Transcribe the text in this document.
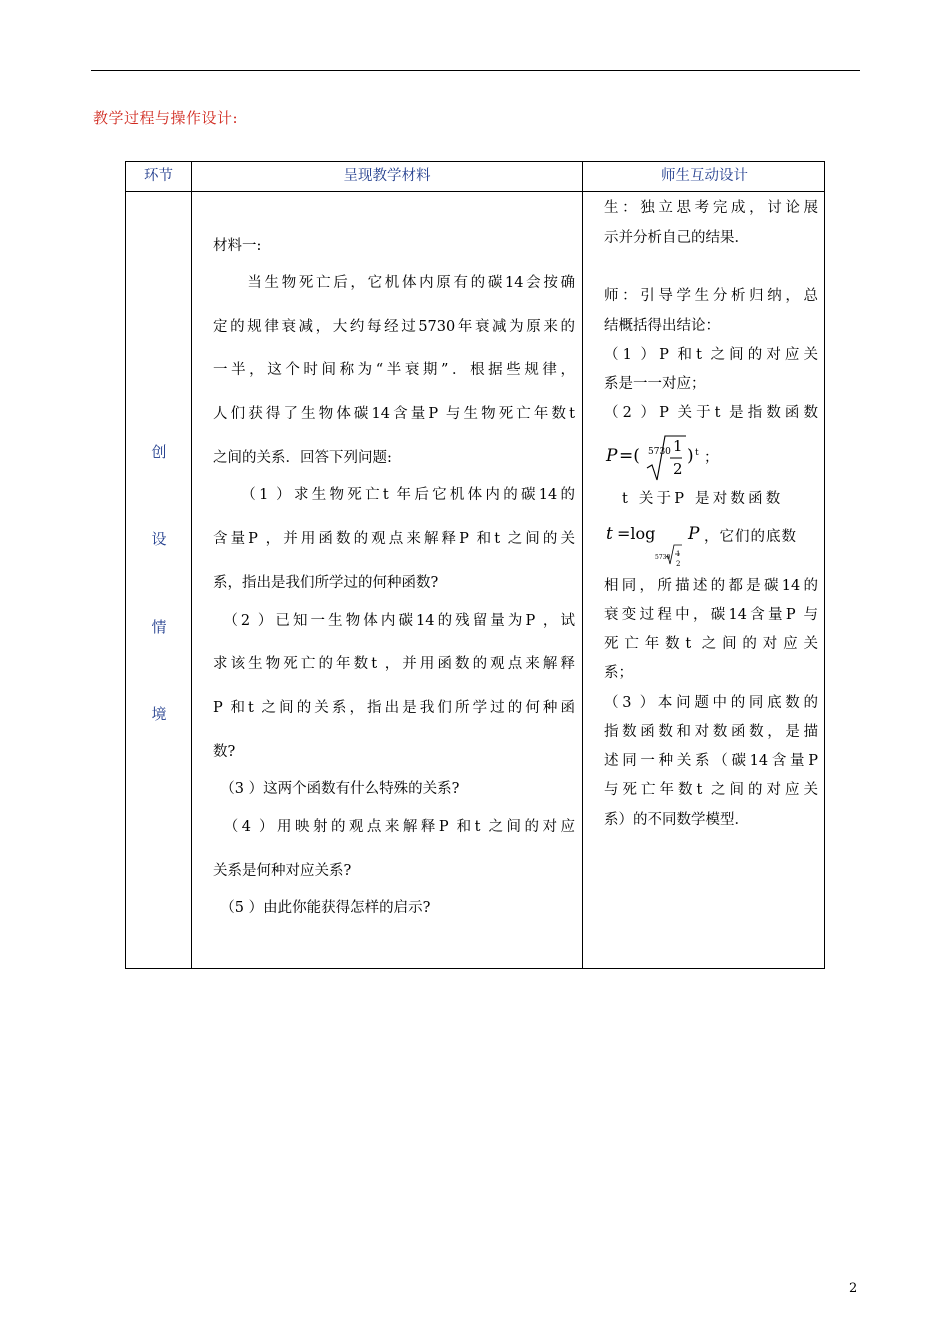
教学过程与操作设计:
环节	呈现教学材料	师生互动设计
创
设
情
境
材料一:
　　当生物死亡后，它机体内原有的碳14会按确
定的规律衰减，大约每经过5730年衰减为原来的
一半，这个时间称为“半衰期”．根据些规律，
人们获得了生物体碳14含量P 与生物死亡年数t
之间的关系．回答下列问题:
　　（1 ）求生物死亡t 年后它机体内的碳14的
含量P ，并用函数的观点来解释P 和t 之间的关
系，指出是我们所学过的何种函数?
　（2 ）已知一生物体内碳14的残留量为P ，试
求该生物死亡的年数t ，并用函数的观点来解释
P 和t 之间的关系，指出是我们所学过的何种函
数?
　（3 ）这两个函数有什么特殊的关系?
　（4 ）用映射的观点来解释P 和t 之间的对应
关系是何种对应关系?
　（5 ）由此你能获得怎样的启示?
生：独立思考完成，讨论展
示并分析自己的结果．
师：引导学生分析归纳，总
结概括得出结论：
（1 ）P 和t 之间的对应关
系是一一对应；
（2 ）P 关于t 是指数函数
P =( 5730 1
2
) t ；
t 关于P 是对数函数
t =log
5730 1
2
P ，它们的底数
相同，所描述的都是碳14的
衰变过程中，碳14含量P 与
死亡年数t 之间的对应关
系；
（3 ）本问题中的同底数的
指数函数和对数函数，是描
述同一种关系（碳14含量P
与死亡年数t 之间的对应关
系）的不同数学模型．
2
